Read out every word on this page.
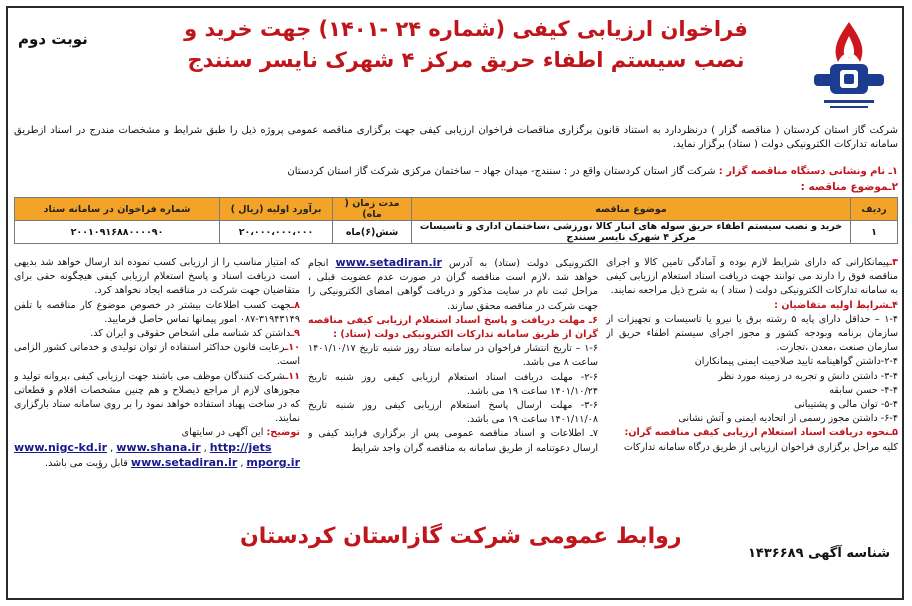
نوبت دوم	فراخوان ارزیابی کیفی (شماره ۲۴ -۱۴۰۱) جهت خرید و
نصب سیستم اطفاء حریق مرکز ۴ شهرک نایسر سنندج
شرکت گاز استان کردستان ( مناقصه گزار ) درنظردارد به استناد قانون برگزاری مناقصات فراخوان ارزیابی کیفی جهت برگزاری مناقصه عمومی پروژه ذیل را طبق شرایط و مشخصات مندرج در اسناد ازطریق سامانه تدارکات الکترونیکی دولت ( ستاد) برگزار نماید.
۱ـ نام ونشانی دستگاه مناقصه گزار : شرکت گاز استان کردستان واقع در : سنندج- میدان جهاد – ساختمان مرکزی شرکت گاز استان کردستان
۲ـموضوع مناقصه :
ردیف	موضوع مناقصه	مدت زمان ( ماه)	برآورد اولیه (ریال )	شماره فراخوان در سامانه ستاد
۱	خرید و نصب سیستم اطفاء حریق سوله های انبار کالا ،ورزشی ،ساختمان اداری و تاسیسات مرکز ۴ شهرک نایسر سنندج	شش(۶)ماه	۲۰،۰۰۰،۰۰۰،۰۰۰	۲۰۰۱۰۹۱۶۸۸۰۰۰۰۹۰

۳ـپیمانکارانی که دارای شرایط لازم بوده و آمادگی تامین کالا و اجرای مناقصه فوق را دارند می توانند جهت دریافت اسناد استعلام ارزیابی کیفی به سامانه تدارکات الکترونیکی دولت ( ستاد ) به شرح ذیل مراجعه نمایند.

۴ـشرایط اولیه متقاضیان :

۱-۴ – حداقل دارای پایه ۵ رشته برق یا نیرو یا تاسیسات و تجهیزات از سازمان برنامه وبودجه کشور و مجوز اجرای سیستم اطفاء حریق از سازمان صنعت ،معدن ،تجارت.

۲-۴-داشتن گواهینامه تایید صلاحیت ایمنی پیمانکاران

۳-۴- داشتن دانش و تجربه در زمینه مورد نظر

۴-۴- حسن سابقه

۵-۴- توان مالی و پشتیبانی

۶-۴- داشتن مجوز رسمی از اتحادیه ایمنی و آتش نشانی

۵ـنحوه دریافت اسناد استعلام ارزیابی کیفی مناقصه گران:

کلیه مراحل برگزاری فراخوان ارزیابی از طریق درگاه سامانه تدارکات

الکترونیکی دولت (ستاد) به آدرس www.setadiran.ir انجام خواهد شد ،لازم است مناقصه گران در صورت عدم عضویت قبلی ، مراحل ثبت نام در سایت مذکور و دریافت گواهی امضای الکترونیکی را جهت شرکت در مناقصه محقق سازند.

۶ـ مهلت دریافت و پاسخ اسناد استعلام ارزیابی کیفی مناقصه گران از طریق سامانه تدارکات الکترونیکی دولت (ستاد) :

۱-۶ – تاریخ انتشار فراخوان در سامانه ستاد روز شنبه تاریخ ۱۴۰۱/۱۰/۱۷ ساعت ۸ می باشد.

۲-۶- مهلت دریافت اسناد استعلام ارزیابی کیفی روز شنبه تاریخ ۱۴۰۱/۱۰/۲۴ ساعت ۱۹ می باشد.

۳-۶- مهلت ارسال پاسخ استعلام ارزیابی کیفی روز شنبه تاریخ ۱۴۰۱/۱۱/۰۸ ساعت ۱۹ می باشد.

۷ـ اطلاعات و اسناد مناقصه عمومی پس از برگزاری فرایند کیفی و ارسال دعوتنامه از طریق سامانه به مناقصه گران واجد شرایط

که امتیاز مناسب را از ارزیابی کسب نموده اند ارسال خواهد شد بدیهی است دریافت اسناد و پاسخ استعلام ارزیابی کیفی هیچگونه حقی برای متقاضیان جهت شرکت در مناقصه ایجاد نخواهد کرد.

۸ـجهت کسب اطلاعات بیشتر در خصوص موضوع کار مناقصه با تلفن ۳۱۹۴۳۱۴۹-۰۸۷ امور پیمانها تماس حاصل فرمایید.

۹ـداشتن کد شناسه ملی اشخاص حقوقی و ایران کد.

۱۰ـرعایت قانون حداکثر استفاده از توان تولیدی و خدماتی کشور الزامی است.

۱۱ـشرکت کنندگان موظف می باشند جهت ارزیابی کیفی ،پروانه تولید و مجوزهای لازم از مراجع ذیصلاح و هم چنین مشخصات اقلام و قطعاتی که در ساخت پهباد استفاده خواهد نمود را بر روی سامانه ستاد بارگزاری نمایند.

توضیح: این آگهی در سایتهای

www.nigc-kd.ir , www.shana.ir , http://jets

www.setadiran.ir , mporg.ir قابل رؤیت می باشد.

روابط عمومی شرکت گازاستان کردستان
شناسه آگهی ۱۴۳۶۶۸۹
